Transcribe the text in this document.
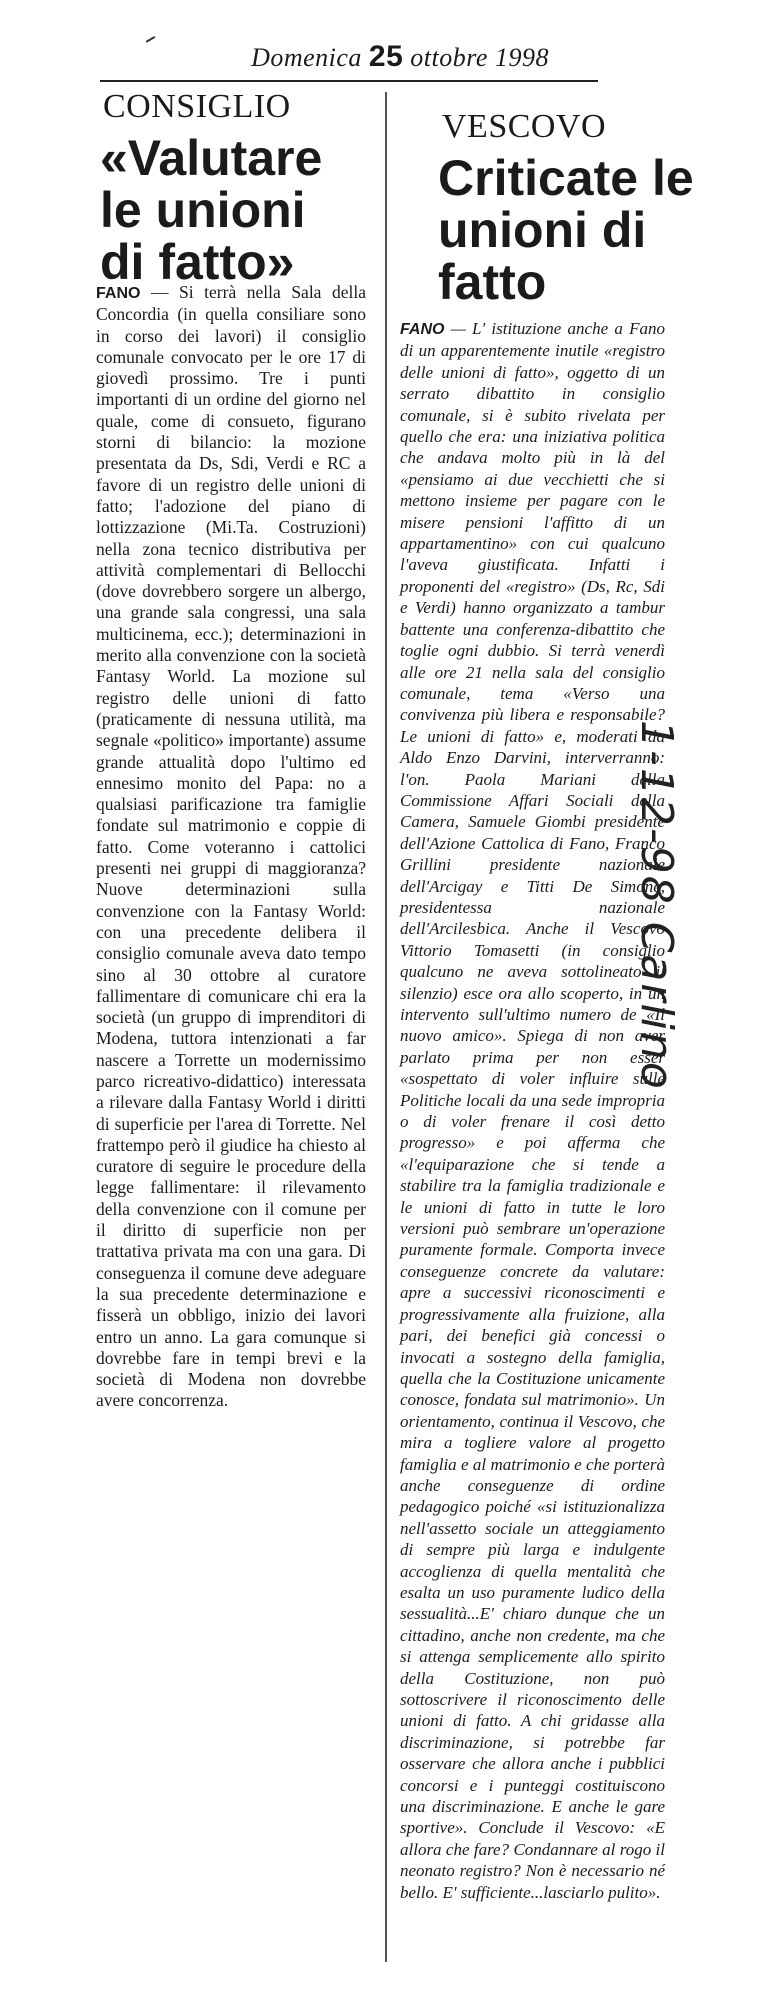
Domenica 25 ottobre 1998
CONSIGLIO
«Valutare le unioni di fatto»

FANO — Si terrà nella Sala della Concordia (in quella consiliare sono in corso dei lavori) il consiglio comunale convocato per le ore 17 di giovedì prossimo. Tre i punti importanti di un ordine del giorno nel quale, come di consueto, figurano storni di bilancio: la mozione presentata da Ds, Sdi, Verdi e RC a favore di un registro delle unioni di fatto; l'adozione del piano di lottizzazione (Mi.Ta. Costruzioni) nella zona tecnico distributiva per attività complementari di Bellocchi (dove dovrebbero sorgere un albergo, una grande sala congressi, una sala multicinema, ecc.); determinazioni in merito alla convenzione con la società Fantasy World. La mozione sul registro delle unioni di fatto (praticamente di nessuna utilità, ma segnale «politico» importante) assume grande attualità dopo l'ultimo ed ennesimo monito del Papa: no a qualsiasi parificazione tra famiglie fondate sul matrimonio e coppie di fatto. Come voteranno i cattolici presenti nei gruppi di maggioranza? Nuove determinazioni sulla convenzione con la Fantasy World: con una precedente delibera il consiglio comunale aveva dato tempo sino al 30 ottobre al curatore fallimentare di comunicare chi era la società (un gruppo di imprenditori di Modena, tuttora intenzionati a far nascere a Torrette un modernissimo parco ricreativo-didattico) interessata a rilevare dalla Fantasy World i diritti di superficie per l'area di Torrette. Nel frattempo però il giudice ha chiesto al curatore di seguire le procedure della legge fallimentare: il rilevamento della convenzione con il comune per il diritto di superficie non per trattativa privata ma con una gara. Di conseguenza il comune deve adeguare la sua precedente determinazione e fisserà un obbligo, inizio dei lavori entro un anno. La gara comunque si dovrebbe fare in tempi brevi e la società di Modena non dovrebbe avere concorrenza.

VESCOVO
Criticate le unioni di fatto

FANO — L' istituzione anche a Fano di un apparentemente inutile «registro delle unioni di fatto», oggetto di un serrato dibattito in consiglio comunale, si è subito rivelata per quello che era: una iniziativa politica che andava molto più in là del «pensiamo ai due vecchietti che si mettono insieme per pagare con le misere pensioni l'affitto di un appartamentino» con cui qualcuno l'aveva giustificata. Infatti i proponenti del «registro» (Ds, Rc, Sdi e Verdi) hanno organizzato a tambur battente una conferenza-dibattito che toglie ogni dubbio. Si terrà venerdì alle ore 21 nella sala del consiglio comunale, tema «Verso una convivenza più libera e responsabile? Le unioni di fatto» e, moderati da Aldo Enzo Darvini, interverranno: l'on. Paola Mariani della Commissione Affari Sociali della Camera, Samuele Giombi presidente dell'Azione Cattolica di Fano, Franco Grillini presidente nazionale dell'Arcigay e Titti De Simone, presidentessa nazionale dell'Arcilesbica. Anche il Vescovo Vittorio Tomasetti (in consiglio qualcuno ne aveva sottolineato il silenzio) esce ora allo scoperto, in un intervento sull'ultimo numero de «Il nuovo amico». Spiega di non aver parlato prima per non esser «sospettato di voler influire sulle Politiche locali da una sede impropria o di voler frenare il così detto progresso» e poi afferma che «l'equiparazione che si tende a stabilire tra la famiglia tradizionale e le unioni di fatto in tutte le loro versioni può sembrare un'operazione puramente formale. Comporta invece conseguenze concrete da valutare: apre a successivi riconoscimenti e progressivamente alla fruizione, alla pari, dei benefici già concessi o invocati a sostegno della famiglia, quella che la Costituzione unicamente conosce, fondata sul matrimonio». Un orientamento, continua il Vescovo, che mira a togliere valore al progetto famiglia e al matrimonio e che porterà anche conseguenze di ordine pedagogico poiché «si istituzionalizza nell'assetto sociale un atteggiamento di sempre più larga e indulgente accoglienza di quella mentalità che esalta un uso puramente ludico della sessualità...E' chiaro dunque che un cittadino, anche non credente, ma che si attenga semplicemente allo spirito della Costituzione, non può sottoscrivere il riconoscimento delle unioni di fatto. A chi gridasse alla discriminazione, si potrebbe far osservare che allora anche i pubblici concorsi e i punteggi costituiscono una discriminazione. E anche le gare sportive». Conclude il Vescovo: «E allora che fare? Condannare al rogo il neonato registro? Non è necessario né bello. E' sufficiente...lasciarlo pulito».

1-12-98 Carlino
